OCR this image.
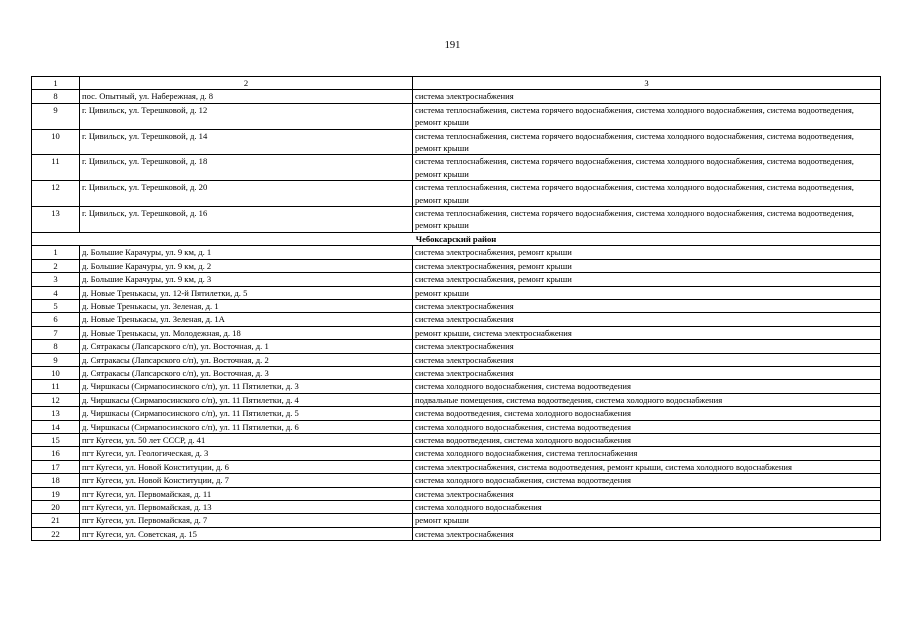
191
1	2	3
8	пос. Опытный, ул. Набережная, д. 8	система электроснабжения
9	г. Цивильск, ул. Терешковой, д. 12	система теплоснабжения, система горячего водоснабжения, система холодного водоснабжения, система водоотведения, ремонт крыши
10	г. Цивильск, ул. Терешковой, д. 14	система теплоснабжения, система горячего водоснабжения, система холодного водоснабжения, система водоотведения, ремонт крыши
11	г. Цивильск, ул. Терешковой, д. 18	система теплоснабжения, система горячего водоснабжения, система холодного водоснабжения, система водоотведения, ремонт крыши
12	г. Цивильск, ул. Терешковой, д. 20	система теплоснабжения, система горячего водоснабжения, система холодного водоснабжения, система водоотведения, ремонт крыши
13	г. Цивильск, ул. Терешковой, д. 16	система теплоснабжения, система горячего водоснабжения, система холодного водоснабжения, система водоотведения, ремонт крыши
Чебоксарский район		
1	д. Большие Карачуры, ул. 9 км, д. 1	система электроснабжения, ремонт крыши
2	д. Большие Карачуры, ул. 9 км, д. 2	система электроснабжения, ремонт крыши
3	д. Большие Карачуры, ул. 9 км, д. 3	система электроснабжения, ремонт крыши
4	д. Новые Тренькасы, ул. 12-й Пятилетки, д. 5	ремонт крыши
5	д. Новые Тренькасы, ул. Зеленая, д. 1	система электроснабжения
6	д. Новые Тренькасы, ул. Зеленая, д. 1А	система электроснабжения
7	д. Новые Тренькасы, ул. Молодежная, д. 18	ремонт крыши, система электроснабжения
8	д. Сятракасы (Лапсарского с/п), ул. Восточная, д. 1	система электроснабжения
9	д. Сятракасы (Лапсарского с/п), ул. Восточная, д. 2	система электроснабжения
10	д. Сятракасы (Лапсарского с/п), ул. Восточная, д. 3	система электроснабжения
11	д. Чиршкасы (Сирмапосинского с/п), ул. 11 Пятилетки, д. 3	система холодного водоснабжения, система водоотведения
12	д. Чиршкасы (Сирмапосинского с/п), ул. 11 Пятилетки, д. 4	подвальные помещения, система водоотведения, система холодного водоснабжения
13	д. Чиршкасы (Сирмапосинского с/п), ул. 11 Пятилетки, д. 5	система водоотведения, система холодного водоснабжения
14	д. Чиршкасы (Сирмапосинского с/п), ул. 11 Пятилетки, д. 6	система холодного водоснабжения, система водоотведения
15	пгт Кугеси, ул. 50 лет СССР, д. 41	система водоотведения, система холодного водоснабжения
16	пгт Кугеси, ул. Геологическая, д. 3	система холодного водоснабжения, система теплоснабжения
17	пгт Кугеси, ул. Новой Конституции, д. 6	система электроснабжения, система водоотведения, ремонт крыши, система холодного водоснабжения
18	пгт Кугеси, ул. Новой Конституции, д. 7	система холодного водоснабжения, система водоотведения
19	пгт Кугеси, ул. Первомайская, д. 11	система электроснабжения
20	пгт Кугеси, ул. Первомайская, д. 13	система холодного водоснабжения
21	пгт Кугеси, ул. Первомайская, д. 7	ремонт крыши
22	пгт Кугеси, ул. Советская, д. 15	система электроснабжения
